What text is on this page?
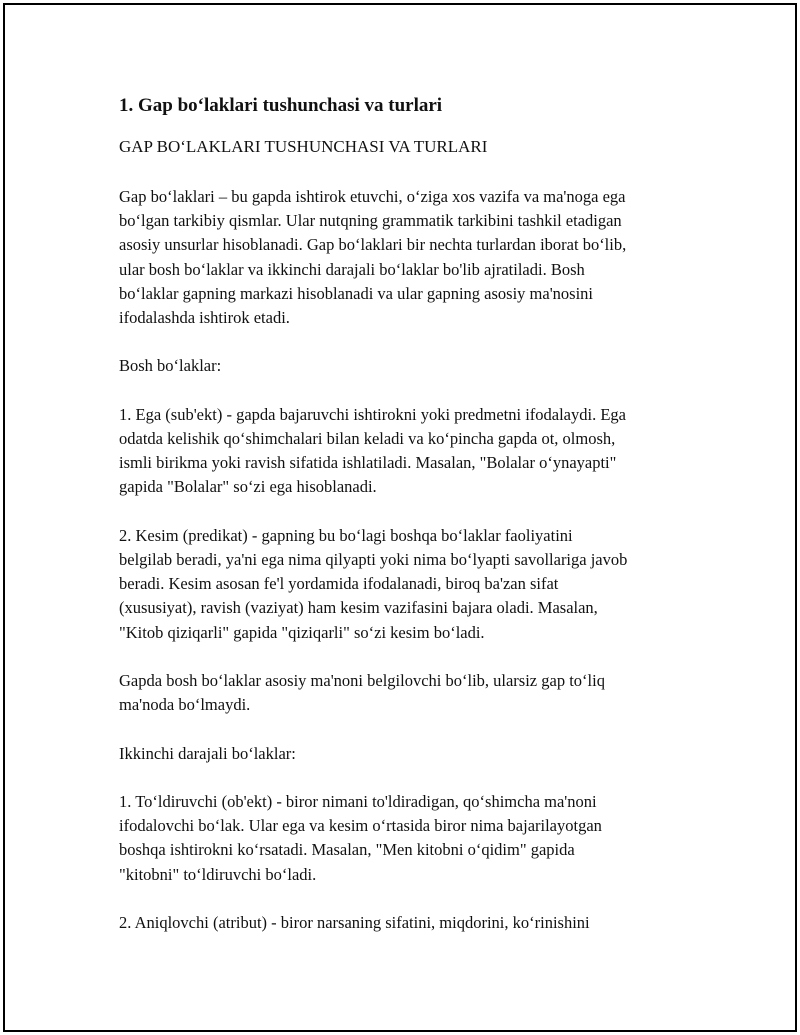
1. Gap bo‘laklari tushunchasi va turlari
GAP BO‘LAKLARI TUSHUNCHASI VA TURLARI
Gap bo‘laklari – bu gapda ishtirok etuvchi, o‘ziga xos vazifa va ma'noga ega
bo‘lgan tarkibiy qismlar. Ular nutqning grammatik tarkibini tashkil etadigan
asosiy unsurlar hisoblanadi. Gap bo‘laklari bir nechta turlardan iborat bo‘lib,
ular bosh bo‘laklar va ikkinchi darajali bo‘laklar bo'lib ajratiladi. Bosh
bo‘laklar gapning markazi hisoblanadi va ular gapning asosiy ma'nosini
ifodalashda ishtirok etadi.
Bosh bo‘laklar:
1. Ega (sub'ekt) - gapda bajaruvchi ishtirokni yoki predmetni ifodalaydi. Ega
odatda kelishik qo‘shimchalari bilan keladi va ko‘pincha gapda ot, olmosh,
ismli birikma yoki ravish sifatida ishlatiladi. Masalan, "Bolalar o‘ynayapti"
gapida "Bolalar" so‘zi ega hisoblanadi.
2. Kesim (predikat) - gapning bu bo‘lagi boshqa bo‘laklar faoliyatini
belgilab beradi, ya'ni ega nima qilyapti yoki nima bo‘lyapti savollariga javob
beradi. Kesim asosan fe'l yordamida ifodalanadi, biroq ba'zan sifat
(xususiyat), ravish (vaziyat) ham kesim vazifasini bajara oladi. Masalan,
"Kitob qiziqarli" gapida "qiziqarli" so‘zi kesim bo‘ladi.
Gapda bosh bo‘laklar asosiy ma'noni belgilovchi bo‘lib, ularsiz gap to‘liq
ma'noda bo‘lmaydi.
Ikkinchi darajali bo‘laklar:
1. To‘ldiruvchi (ob'ekt) - biror nimani to'ldiradigan, qo‘shimcha ma'noni
ifodalovchi bo‘lak. Ular ega va kesim o‘rtasida biror nima bajarilayotgan
boshqa ishtirokni ko‘rsatadi. Masalan, "Men kitobni o‘qidim" gapida
"kitobni" to‘ldiruvchi bo‘ladi.
2. Aniqlovchi (atribut) - biror narsaning sifatini, miqdorini, ko‘rinishini
